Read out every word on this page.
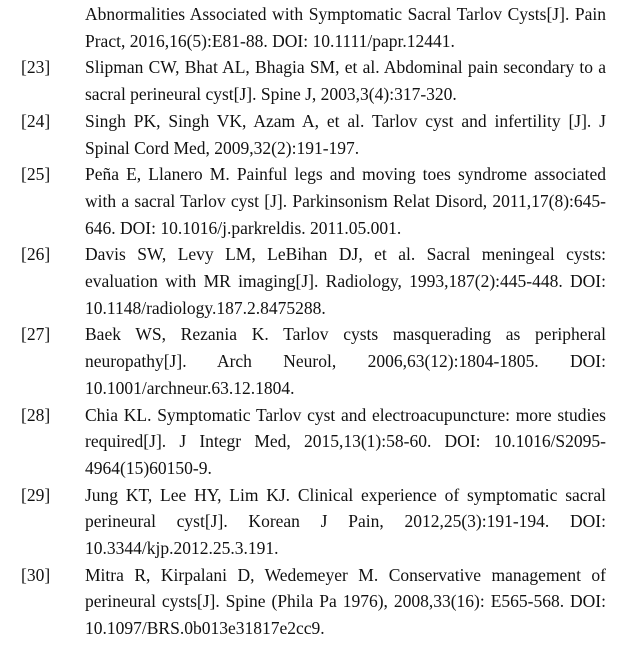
Abnormalities Associated with Symptomatic Sacral Tarlov Cysts[J]. Pain Pract, 2016,16(5):E81-88. DOI: 10.1111/papr.12441.
[23] Slipman CW, Bhat AL, Bhagia SM, et al. Abdominal pain secondary to a sacral perineural cyst[J]. Spine J, 2003,3(4):317-320.
[24] Singh PK, Singh VK, Azam A, et al. Tarlov cyst and infertility [J]. J Spinal Cord Med, 2009,32(2):191-197.
[25] Peña E, Llanero M. Painful legs and moving toes syndrome associated with a sacral Tarlov cyst [J]. Parkinsonism Relat Disord, 2011,17(8):645-646. DOI: 10.1016/j.parkreldis. 2011.05.001.
[26] Davis SW, Levy LM, LeBihan DJ, et al. Sacral meningeal cysts: evaluation with MR imaging[J]. Radiology, 1993,187(2):445-448. DOI: 10.1148/radiology.187.2.8475288.
[27] Baek WS, Rezania K. Tarlov cysts masquerading as peripheral neuropathy[J]. Arch Neurol, 2006,63(12):1804-1805. DOI: 10.1001/archneur.63.12.1804.
[28] Chia KL. Symptomatic Tarlov cyst and electroacupuncture: more studies required[J]. J Integr Med, 2015,13(1):58-60. DOI: 10.1016/S2095-4964(15)60150-9.
[29] Jung KT, Lee HY, Lim KJ. Clinical experience of symptomatic sacral perineural cyst[J]. Korean J Pain, 2012,25(3):191-194. DOI: 10.3344/kjp.2012.25.3.191.
[30] Mitra R, Kirpalani D, Wedemeyer M. Conservative management of perineural cysts[J]. Spine (Phila Pa 1976), 2008,33(16): E565-568. DOI: 10.1097/BRS.0b013e31817e2cc9.
